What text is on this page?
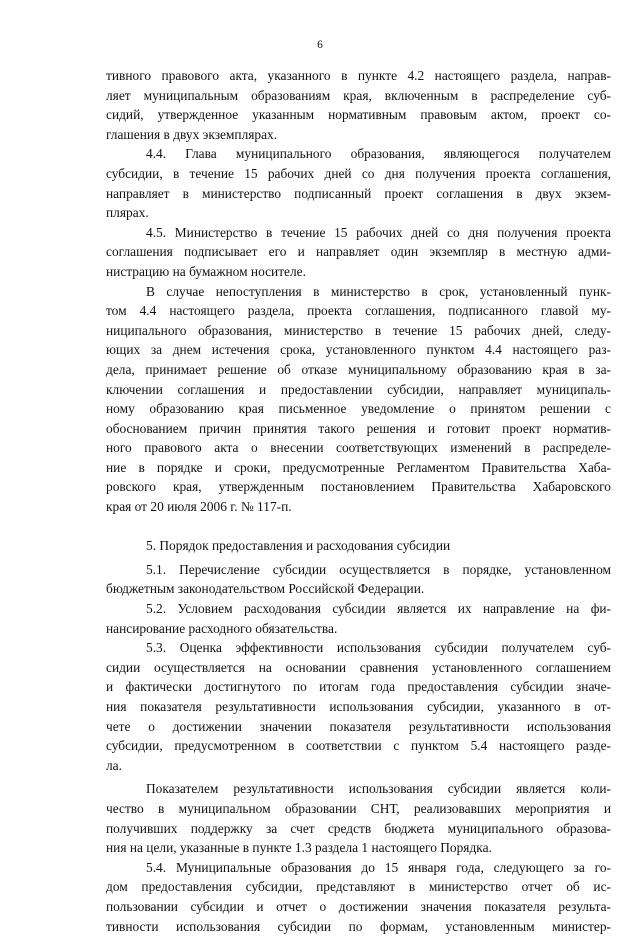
6

тивного правового акта, указанного в пункте 4.2 настоящего раздела, направ-

ляет муниципальным образованиям края, включенным в распределение суб-

сидий, утвержденное указанным нормативным правовым актом, проект со-

глашения в двух экземплярах.

4.4. Глава муниципального образования, являющегося получателем

субсидии, в течение 15 рабочих дней со дня получения проекта соглашения,

направляет в министерство подписанный проект соглашения в двух экзем-

плярах.

4.5. Министерство в течение 15 рабочих дней со дня получения проекта

соглашения подписывает его и направляет один экземпляр в местную адми-

нистрацию на бумажном носителе.

В случае непоступления в министерство в срок, установленный пунк-

том 4.4 настоящего раздела, проекта соглашения, подписанного главой му-

ниципального образования, министерство в течение 15 рабочих дней, следу-

ющих за днем истечения срока, установленного пунктом 4.4 настоящего раз-

дела, принимает решение об отказе муниципальному образованию края в за-

ключении соглашения и предоставлении субсидии, направляет муниципаль-

ному образованию края письменное уведомление о принятом решении с

обоснованием причин принятия такого решения и готовит проект норматив-

ного правового акта о внесении соответствующих изменений в распределе-

ние в порядке и сроки, предусмотренные Регламентом Правительства Хаба-

ровского края, утвержденным постановлением Правительства Хабаровского

края от 20 июля 2006 г. № 117-п.

5. Порядок предоставления и расходования субсидии

5.1. Перечисление субсидии осуществляется в порядке, установленном

бюджетным законодательством Российской Федерации.

5.2. Условием расходования субсидии является их направление на фи-

нансирование расходного обязательства.

5.3. Оценка эффективности использования субсидии получателем суб-

сидии осуществляется на основании сравнения установленного соглашением

и фактически достигнутого по итогам года предоставления субсидии значе-

ния показателя результативности использования субсидии, указанного в от-

чете о достижении значении показателя результативности использования

субсидии, предусмотренном в соответствии с пунктом 5.4 настоящего разде-

ла.

Показателем результативности использования субсидии является коли-

чество в муниципальном образовании СНТ, реализовавших мероприятия и

получивших поддержку за счет средств бюджета муниципального образова-

ния на цели, указанные в пункте 1.3 раздела 1 настоящего Порядка.

5.4. Муниципальные образования до 15 января года, следующего за го-

дом предоставления субсидии, представляют в министерство отчет об ис-

пользовании субсидии и отчет о достижении значения показателя результа-

тивности использования субсидии по формам, установленным министер-
